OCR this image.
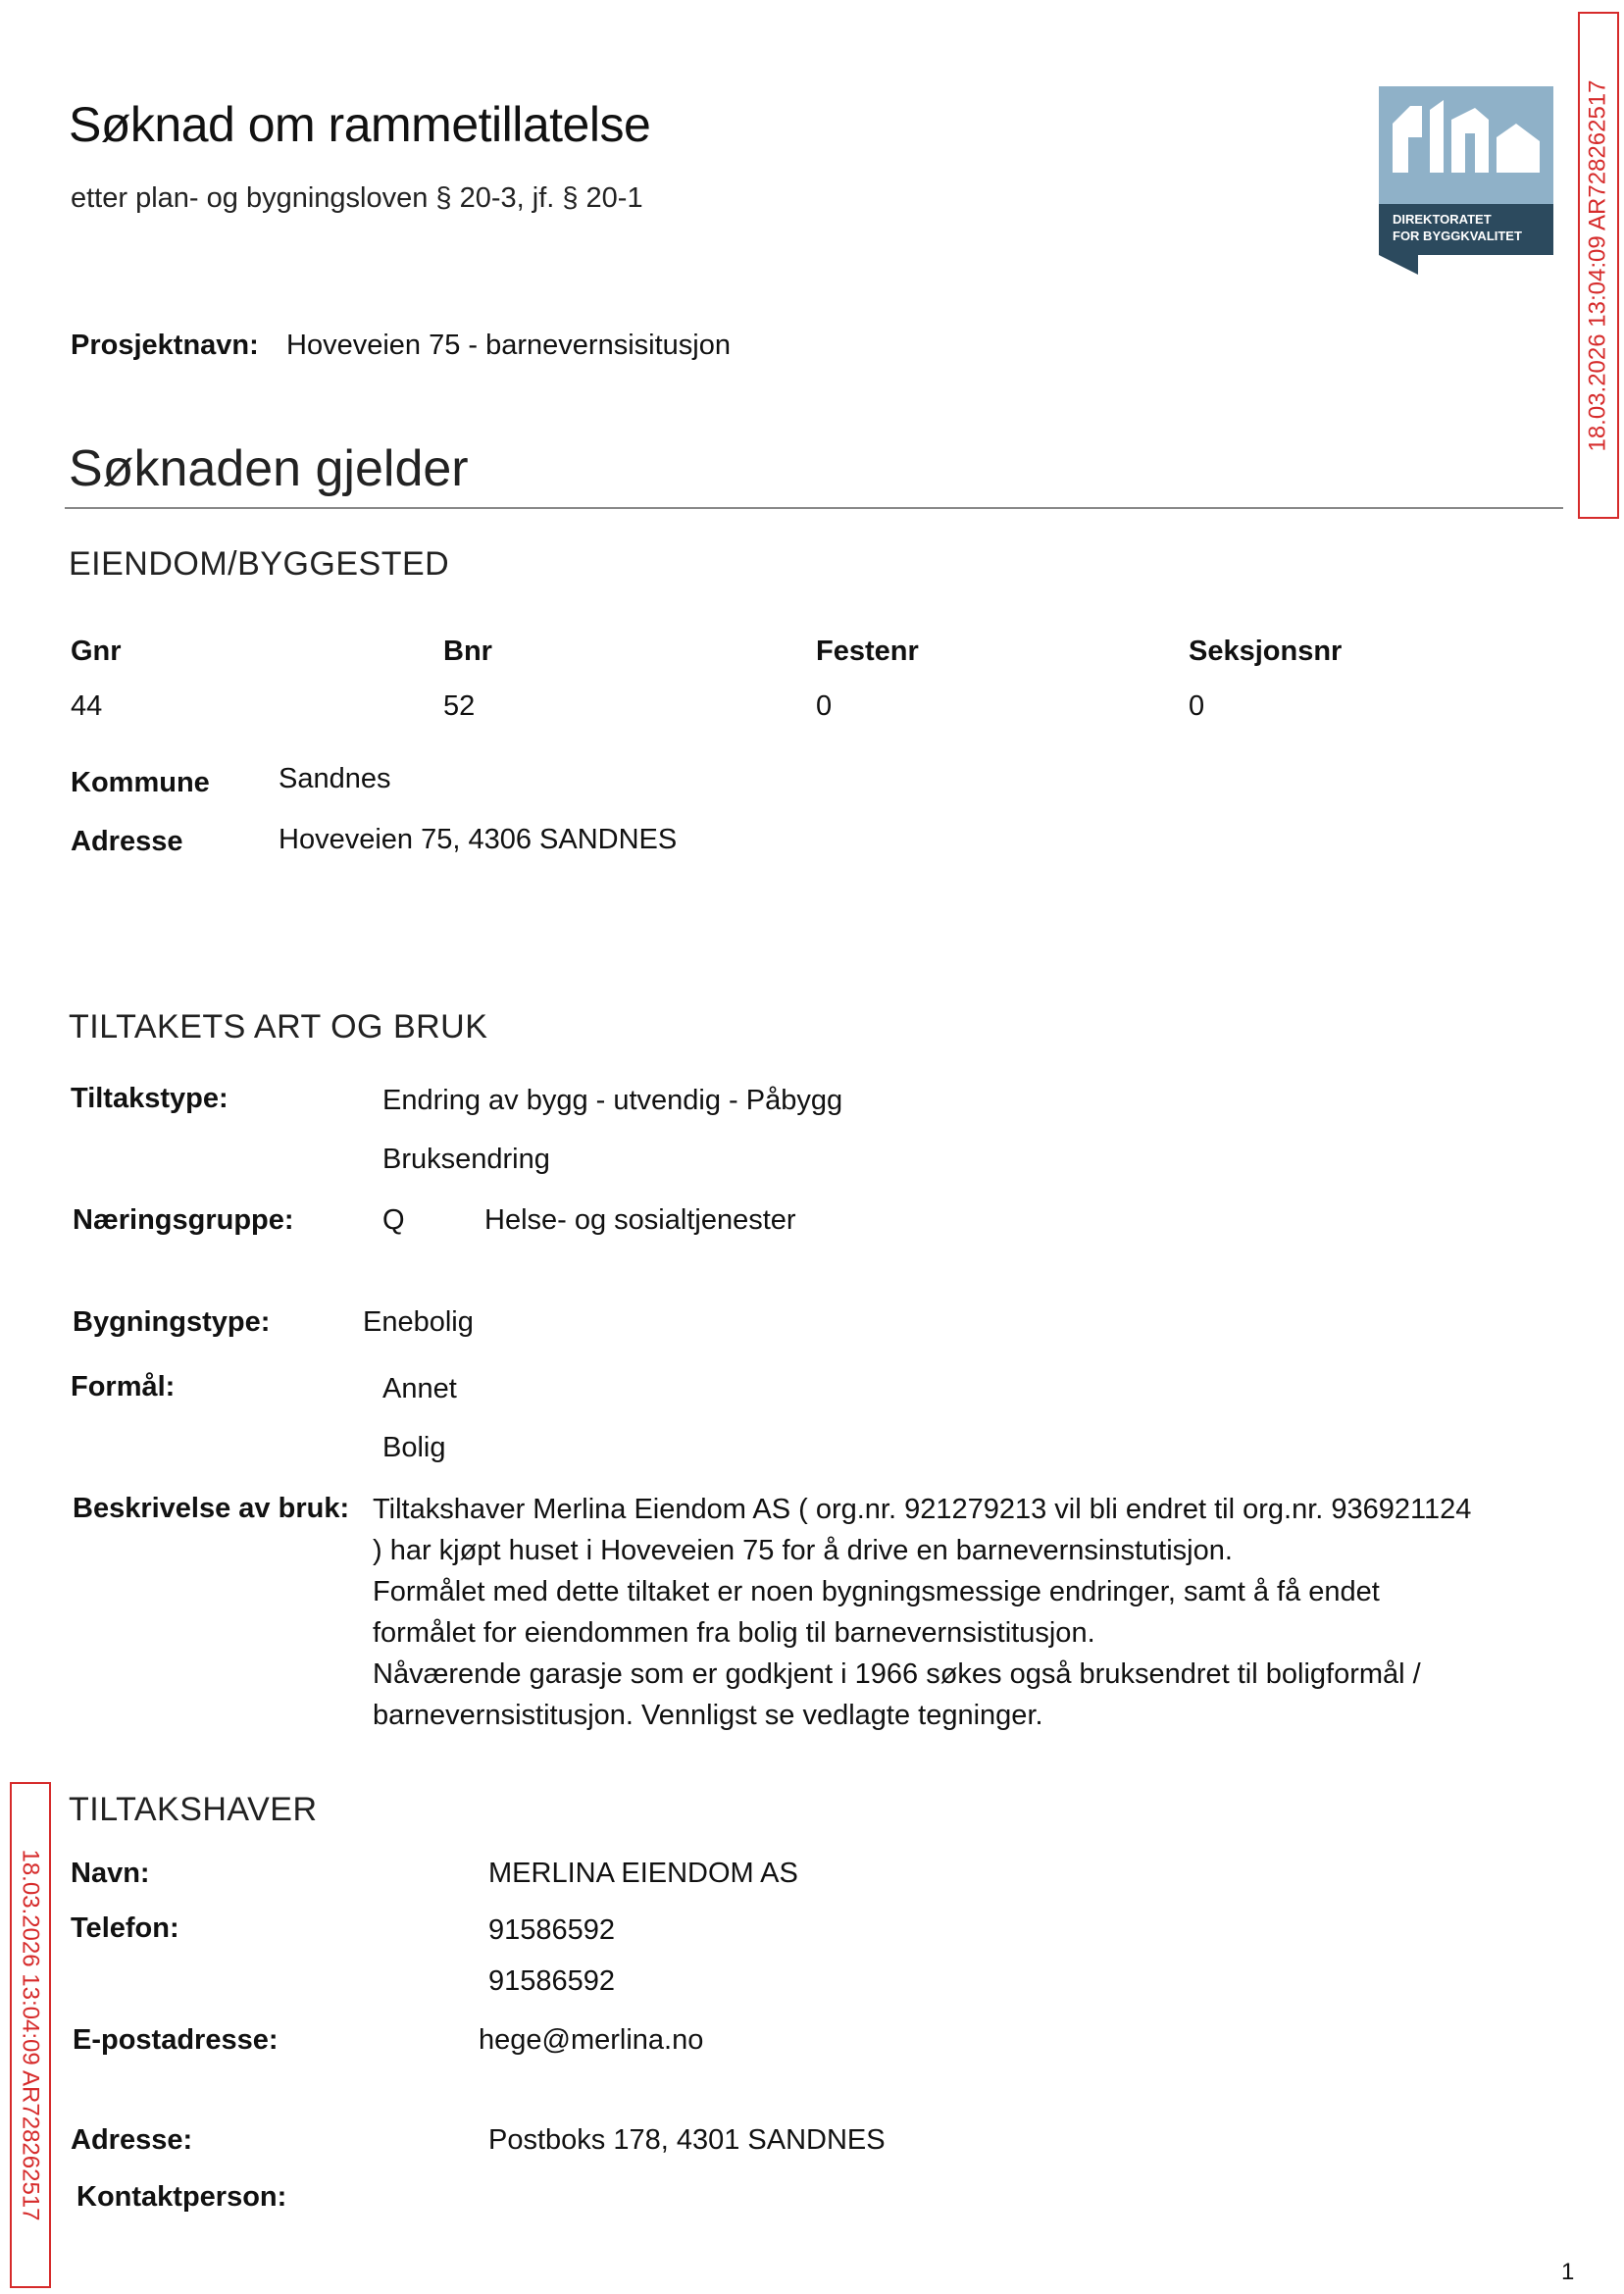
Søknad om rammetillatelse
etter plan- og bygningsloven § 20-3, jf. § 20-1
DIREKTORATET
FOR BYGGKVALITET	18.03.2026 13:04:09 AR728262517
18.03.2026 13:04:09 AR728262517
Prosjektnavn: Hoveveien 75 - barnevernsisitusjon
Søknaden gjelder
EIENDOM/BYGGESTED
Gnr	Bnr	Festenr	Seksjonsnr
44	52	0	0
Kommune Sandnes
Adresse	Hoveveien 75, 4306 SANDNES
TILTAKETS ART OG BRUK
Tiltakstype:	Endring av bygg - utvendig - Påbygg
Bruksendring
Næringsgruppe:	Q	Helse- og sosialtjenester
Bygningstype:	Enebolig
Formål:	Annet
Bolig
Beskrivelse av bruk: Tiltakshaver Merlina Eiendom AS ( org.nr. 921279213 vil bli endret til org.nr. 936921124
) har kjøpt huset i Hoveveien 75 for å drive en barnevernsinstutisjon.
Formålet med dette tiltaket er noen bygningsmessige endringer, samt å få endet
formålet for eiendommen fra bolig til barnevernsistitusjon.
Nåværende garasje som er godkjent i 1966 søkes også bruksendret til boligformål /
barnevernsistitusjon. Vennligst se vedlagte tegninger.
TILTAKSHAVER
Navn:	MERLINA EIENDOM AS
Telefon:	91586592
91586592
E-postadresse:	hege@merlina.no
Adresse:	Postboks 178, 4301 SANDNES
Kontaktperson:
1
